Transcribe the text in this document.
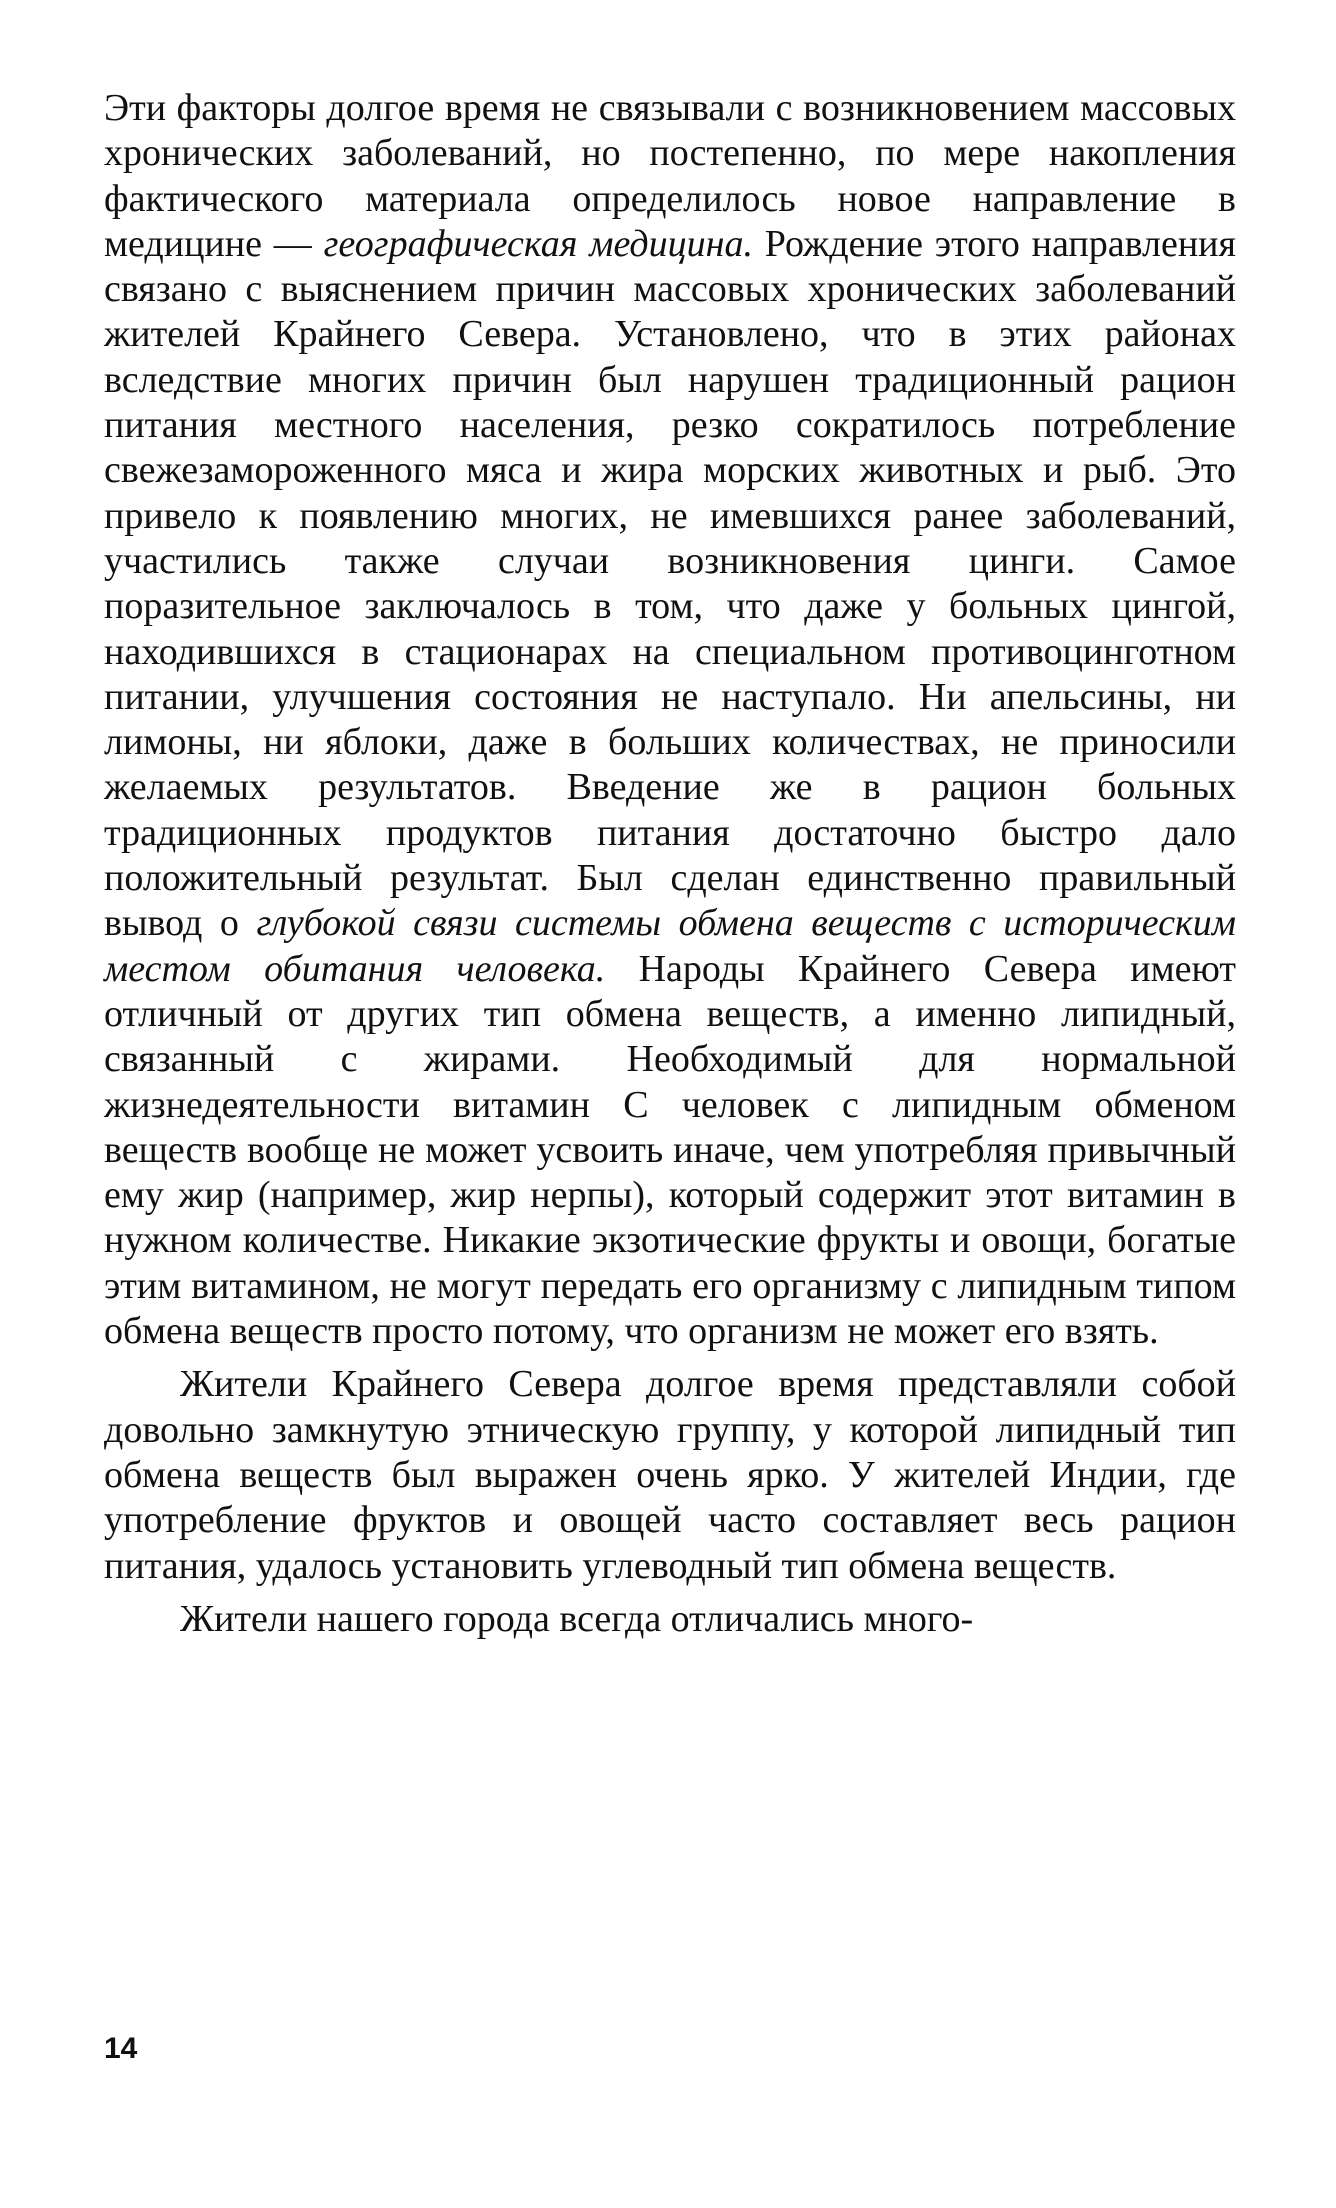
Эти факторы долгое время не связывали с возникновением массовых хронических заболеваний, но постепенно, по мере накопления фактического материала определилось новое направление в медицине — географическая медицина. Рождение этого направления связано с выяснением причин массовых хронических заболеваний жителей Крайнего Севера. Установлено, что в этих районах вследствие многих причин был нарушен традиционный рацион питания местного населения, резко сократилось потребление свежезамороженного мяса и жира морских животных и рыб. Это привело к появлению многих, не имевшихся ранее заболеваний, участились также случаи возникновения цинги. Самое поразительное заключалось в том, что даже у больных цингой, находившихся в стационарах на специальном противоцинготном питании, улучшения состояния не наступало. Ни апельсины, ни лимоны, ни яблоки, даже в больших количествах, не приносили желаемых результатов. Введение же в рацион больных традиционных продуктов питания достаточно быстро дало положительный результат. Был сделан единственно правильный вывод о глубокой связи системы обмена веществ с историческим местом обитания человека. Народы Крайнего Севера имеют отличный от других тип обмена веществ, а именно липидный, связанный с жирами. Необходимый для нормальной жизнедеятельности витамин С человек с липидным обменом веществ вообще не может усвоить иначе, чем употребляя привычный ему жир (например, жир нерпы), который содержит этот витамин в нужном количестве. Никакие экзотические фрукты и овощи, богатые этим витамином, не могут передать его организму с липидным типом обмена веществ просто потому, что организм не может его взять.

Жители Крайнего Севера долгое время представляли собой довольно замкнутую этническую группу, у которой липидный тип обмена веществ был выражен очень ярко. У жителей Индии, где употребление фруктов и овощей часто составляет весь рацион питания, удалось установить углеводный тип обмена веществ.

Жители нашего города всегда отличались много-

14
